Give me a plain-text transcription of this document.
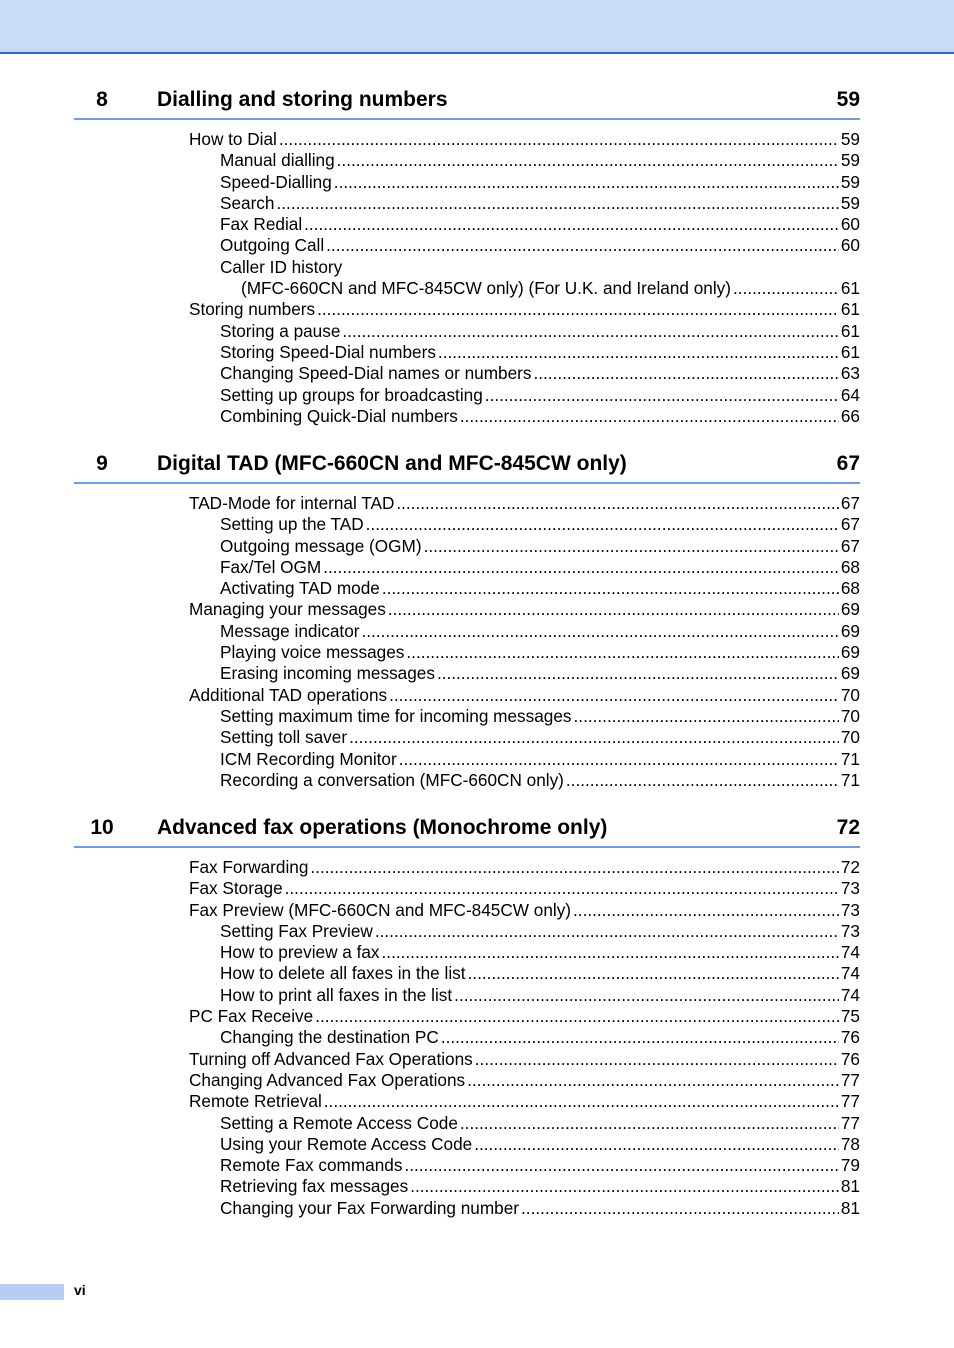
8	Dialling and storing numbers	59
How to Dial .....	59
Manual dialling .....	59
Speed-Dialling .....	59
Search .....	59
Fax Redial .....	60
Outgoing Call .....	60
Caller ID history
(MFC-660CN and MFC-845CW only) (For U.K. and Ireland only) .....	61
Storing numbers .....	61
Storing a pause .....	61
Storing Speed-Dial numbers .....	61
Changing Speed-Dial names or numbers .....	63
Setting up groups for broadcasting .....	64
Combining Quick-Dial numbers .....	66
9	Digital TAD (MFC-660CN and MFC-845CW only)	67
TAD-Mode for internal TAD .....	67
Setting up the TAD .....	67
Outgoing message (OGM) .....	67
Fax/Tel OGM .....	68
Activating TAD mode .....	68
Managing your messages .....	69
Message indicator .....	69
Playing voice messages .....	69
Erasing incoming messages .....	69
Additional TAD operations .....	70
Setting maximum time for incoming messages .....	70
Setting toll saver .....	70
ICM Recording Monitor .....	71
Recording a conversation (MFC-660CN only) .....	71
10	Advanced fax operations (Monochrome only)	72
Fax Forwarding .....	72
Fax Storage .....	73
Fax Preview (MFC-660CN and MFC-845CW only) .....	73
Setting Fax Preview .....	73
How to preview a fax .....	74
How to delete all faxes in the list .....	74
How to print all faxes in the list .....	74
PC Fax Receive .....	75
Changing the destination PC .....	76
Turning off Advanced Fax Operations .....	76
Changing Advanced Fax Operations .....	77
Remote Retrieval .....	77
Setting a Remote Access Code .....	77
Using your Remote Access Code .....	78
Remote Fax commands .....	79
Retrieving fax messages .....	81
Changing your Fax Forwarding number .....	81
vi
